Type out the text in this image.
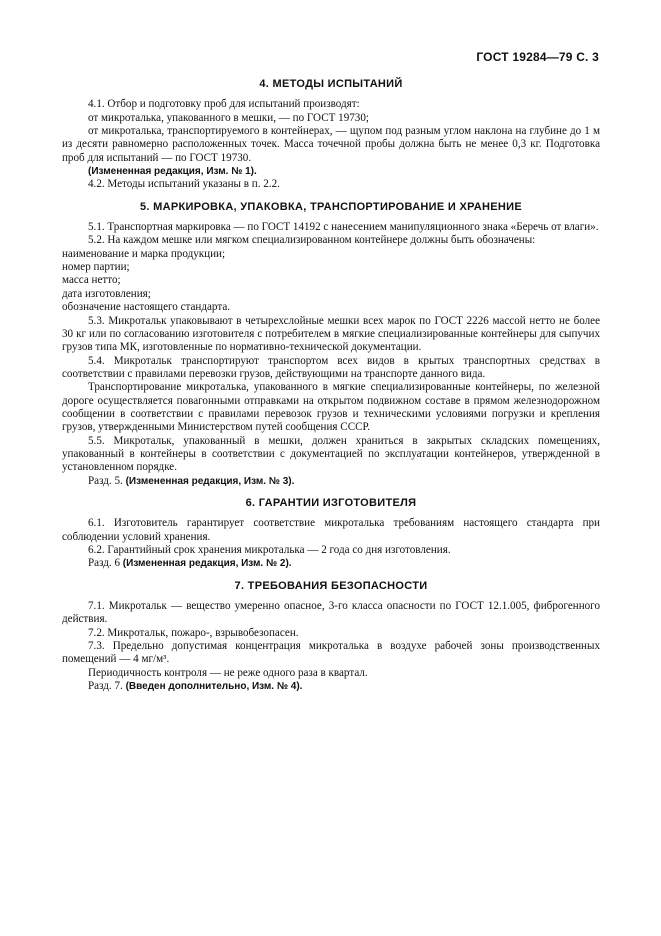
ГОСТ 19284—79 С. 3
4. МЕТОДЫ ИСПЫТАНИЙ

4.1. Отбор и подготовку проб для испытаний производят:

от микроталька, упакованного в мешки, — по ГОСТ 19730;

от микроталька, транспортируемого в контейнерах, — щупом под разным углом наклона на глубине до 1 м из десяти равномерно расположенных точек. Масса точечной пробы должна быть не менее 0,3 кг. Подготовка проб для испытаний — по ГОСТ 19730.

(Измененная редакция, Изм. № 1).

4.2. Методы испытаний указаны в п. 2.2.

5. МАРКИРОВКА, УПАКОВКА, ТРАНСПОРТИРОВАНИЕ И ХРАНЕНИЕ

5.1. Транспортная маркировка — по ГОСТ 14192 с нанесением манипуляционного знака «Беречь от влаги».

5.2. На каждом мешке или мягком специализированном контейнере должны быть обозначены:

наименование и марка продукции;

номер партии;

масса нетто;

дата изготовления;

обозначение настоящего стандарта.

5.3. Микротальк упаковывают в четырехслойные мешки всех марок по ГОСТ 2226 массой нетто не более 30 кг или по согласованию изготовителя с потребителем в мягкие специализированные контейнеры для сыпучих грузов типа МК, изготовленные по нормативно-технической документации.

5.4. Микротальк транспортируют транспортом всех видов в крытых транспортных средствах в соответствии с правилами перевозки грузов, действующими на транспорте данного вида.

Транспортирование микроталька, упакованного в мягкие специализированные контейнеры, по железной дороге осуществляется повагонными отправками на открытом подвижном составе в прямом железнодорожном сообщении в соответствии с правилами перевозок грузов и техническими условиями погрузки и крепления грузов, утвержденными Министерством путей сообщения СССР.

5.5. Микротальк, упакованный в мешки, должен храниться в закрытых складских помещениях, упакованный в контейнеры в соответствии с документацией по эксплуатации контейнеров, утвержденной в установленном порядке.

Разд. 5. (Измененная редакция, Изм. № 3).

6. ГАРАНТИИ ИЗГОТОВИТЕЛЯ

6.1. Изготовитель гарантирует соответствие микроталька требованиям настоящего стандарта при соблюдении условий хранения.

6.2. Гарантийный срок хранения микроталька — 2 года со дня изготовления.

Разд. 6 (Измененная редакция, Изм. № 2).

7. ТРЕБОВАНИЯ БЕЗОПАСНОСТИ

7.1. Микротальк — вещество умеренно опасное, 3-го класса опасности по ГОСТ 12.1.005, фиброгенного действия.

7.2. Микротальк, пожаро-, взрывобезопасен.

7.3. Предельно допустимая концентрация микроталька в воздухе рабочей зоны производственных помещений — 4 мг/м³.

Периодичность контроля — не реже одного раза в квартал.

Разд. 7. (Введен дополнительно, Изм. № 4).
